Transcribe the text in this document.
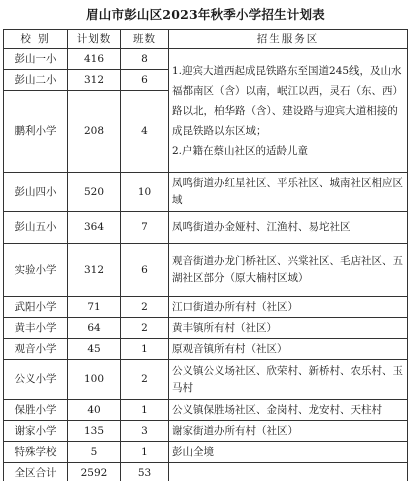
眉山市彭山区2023年秋季小学招生计划表
校 别	计划数	班数	招生服务区
彭山一小	416	8	1.迎宾大道西起成昆铁路东至国道245线，及山水福都南区（含）以南，岷江以西，灵石（东、西）路以北，柏华路（含）、建设路与迎宾大道相接的成昆铁路以东区域；
2.户籍在蔡山社区的适龄儿童

彭山二小	312	6	
鹏利小学	208	4	
彭山四小	520	10	凤鸣街道办红星社区、平乐社区、城南社区相应区域
彭山五小	364	7	凤鸣街道办金娅村、江渔村、易坨社区
实验小学	312	6	观音街道办龙门桥社区、兴棠社区、毛店社区、五湖社区部分（原大楠村区域）
武阳小学	71	2	江口街道办所有村（社区）
黄丰小学	64	2	黄丰镇所有村（社区）
观音小学	45	1	原观音镇所有村（社区）
公义小学	100	2	公义镇公义场社区、欣荣村、新桥村、农乐村、玉马村
保胜小学	40	1	公义镇保胜场社区、金岗村、龙安村、天柱村
谢家小学	135	3	谢家街道办所有村（社区）
特殊学校	5	1	彭山全境
全区合计	2592	53	
